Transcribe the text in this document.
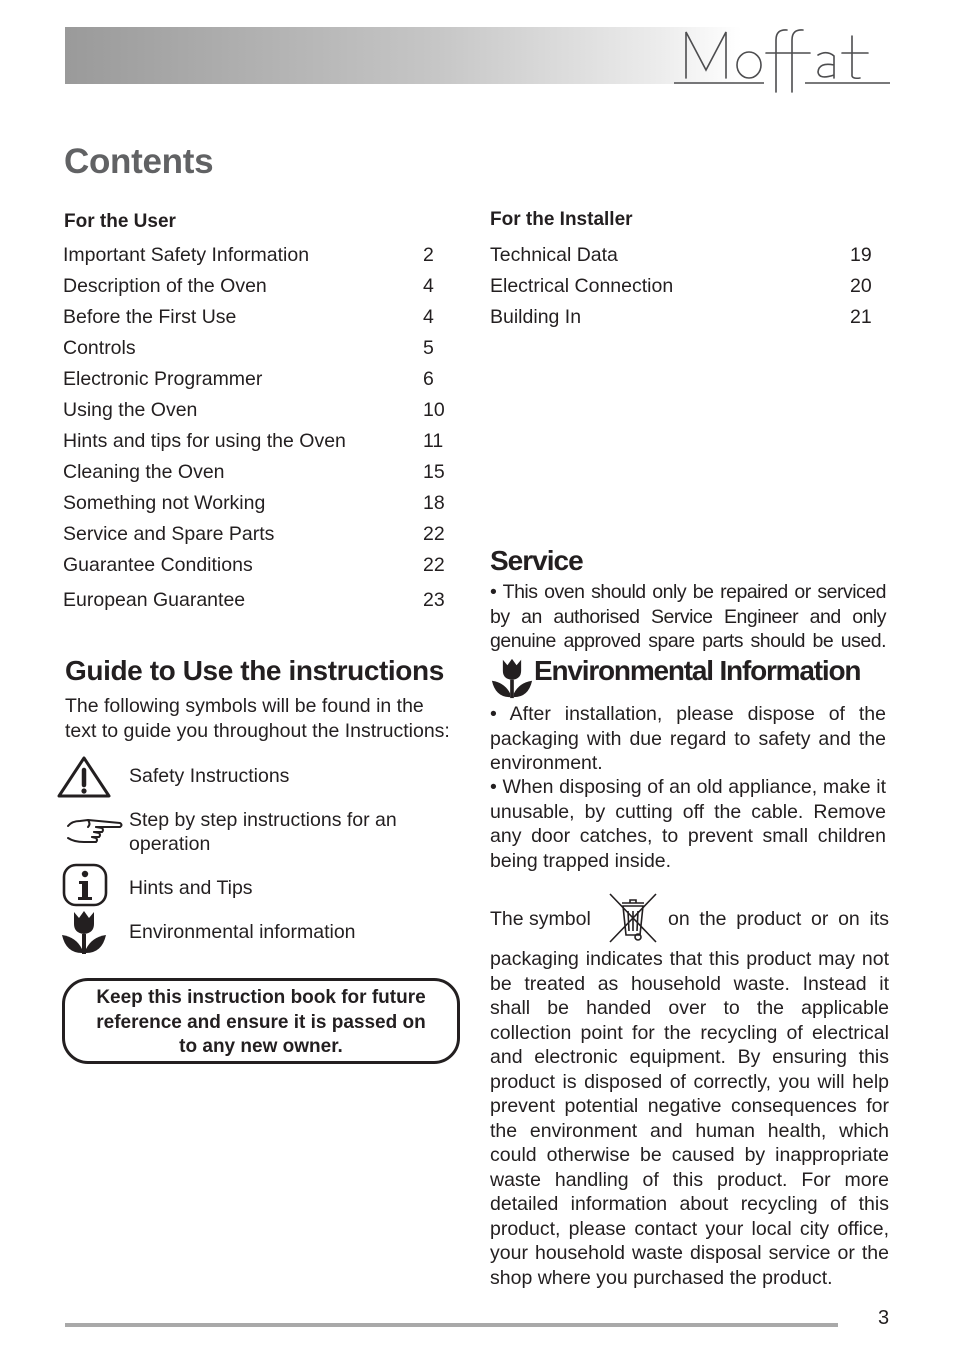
Contents
For the User
Important Safety Information	2
Description of the Oven	4
Before the First Use	4
Controls	5
Electronic Programmer	6
Using the Oven	10
Hints and tips for using the Oven	11
Cleaning the Oven	15
Something not Working	18
Service and Spare Parts	22
Guarantee Conditions	22
European Guarantee	23
For the Installer
Technical Data	19
Electrical Connection	20
Building In	21
Guide to Use the instructions
The following symbols will be found in the
text to guide you throughout the Instructions:
Safety Instructions
Step by step instructions for an
operation
Hints and Tips
Environmental information
Keep this instruction book for future
reference and ensure it is passed on
to any new owner.
Service
• This oven should only be repaired or serviced by an authorised Service Engineer and only genuine approved spare parts should be used.
Environmental Information
• After installation, please dispose of the packaging with due regard to safety and the environment.
• When disposing of an old appliance, make it unusable, by cutting off the cable. Remove any door catches, to prevent small children being trapped inside.
The symbol	on the product or on its
packaging indicates that this product may not be treated as household waste. Instead it shall be handed over to the applicable collection point for the recycling of electrical and electronic equipment. By ensuring this product is disposed of correctly, you will help prevent potential negative consequences for the environment and human health, which could otherwise be caused by inappropriate waste handling of this product. For more detailed information about recycling of this product, please contact your local city office, your household waste disposal service or the shop where you purchased the product.
3
